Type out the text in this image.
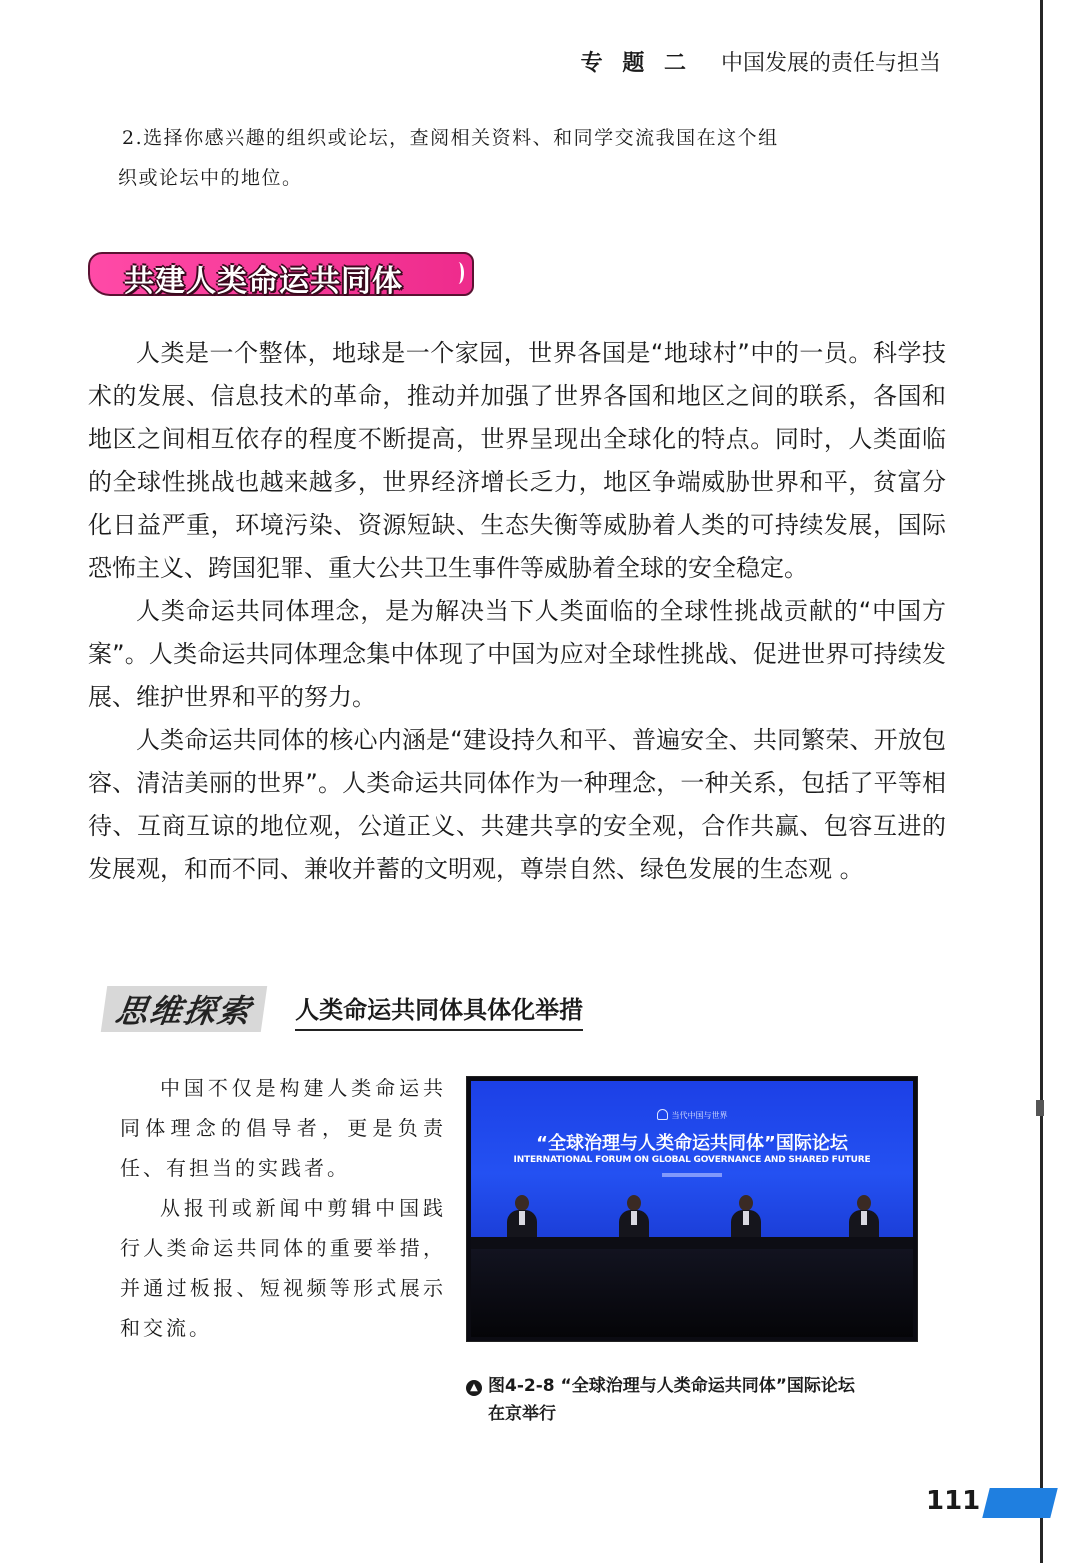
专 题 二 中国发展的责任与担当
2.选择你感兴趣的组织或论坛，查阅相关资料、和同学交流我国在这个组
织或论坛中的地位。
共建人类命运共同体

人类是一个整体，地球是一个家园，世界各国是“地球村”中的一员。科学技术的发展、信息技术的革命，推动并加强了世界各国和地区之间的联系，各国和地区之间相互依存的程度不断提高，世界呈现出全球化的特点。同时，人类面临的全球性挑战也越来越多，世界经济增长乏力，地区争端威胁世界和平，贫富分化日益严重，环境污染、资源短缺、生态失衡等威胁着人类的可持续发展，国际恐怖主义、跨国犯罪、重大公共卫生事件等威胁着全球的安全稳定。

人类命运共同体理念，是为解决当下人类面临的全球性挑战贡献的“中国方案”。人类命运共同体理念集中体现了中国为应对全球性挑战、促进世界可持续发展、维护世界和平的努力。

人类命运共同体的核心内涵是“建设持久和平、普遍安全、共同繁荣、开放包容、清洁美丽的世界”。人类命运共同体作为一种理念，一种关系，包括了平等相待、互商互谅的地位观，公道正义、共建共享的安全观，合作共赢、包容互进的发展观，和而不同、兼收并蓄的文明观，尊崇自然、绿色发展的生态观 。

思维探索 人类命运共同体具体化举措

中国不仅是构建人类命运共同体理念的倡导者，更是负责任、有担当的实践者。

从报刊或新闻中剪辑中国践行人类命运共同体的重要举措，并通过板报、短视频等形式展示和交流。

当代中国与世界
“全球治理与人类命运共同体”国际论坛
INTERNATIONAL FORUM ON GLOBAL GOVERNANCE AND SHARED FUTURE
▲ 图4-2-8 “全球治理与人类命运共同体”国际论坛
在京举行
111
